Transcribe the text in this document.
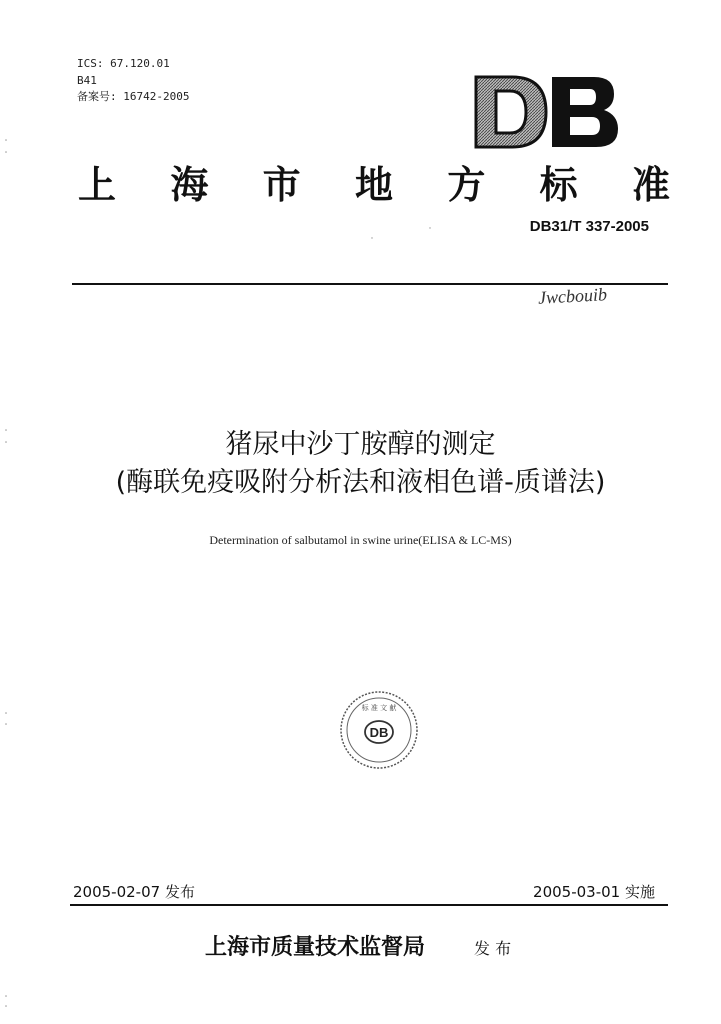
ICS: 67.120.01
B41
备案号: 16742-2005
上 海 市 地 方 标 准
DB31/T 337-2005
Jwcbouib
猪尿中沙丁胺醇的测定
(酶联免疫吸附分析法和液相色谱-质谱法)
Determination of salbutamol in swine urine(ELISA & LC-MS)
DB
标 准 文 献
2005-02-07 发布	2005-03-01 实施
上海市质量技术监督局	发 布
